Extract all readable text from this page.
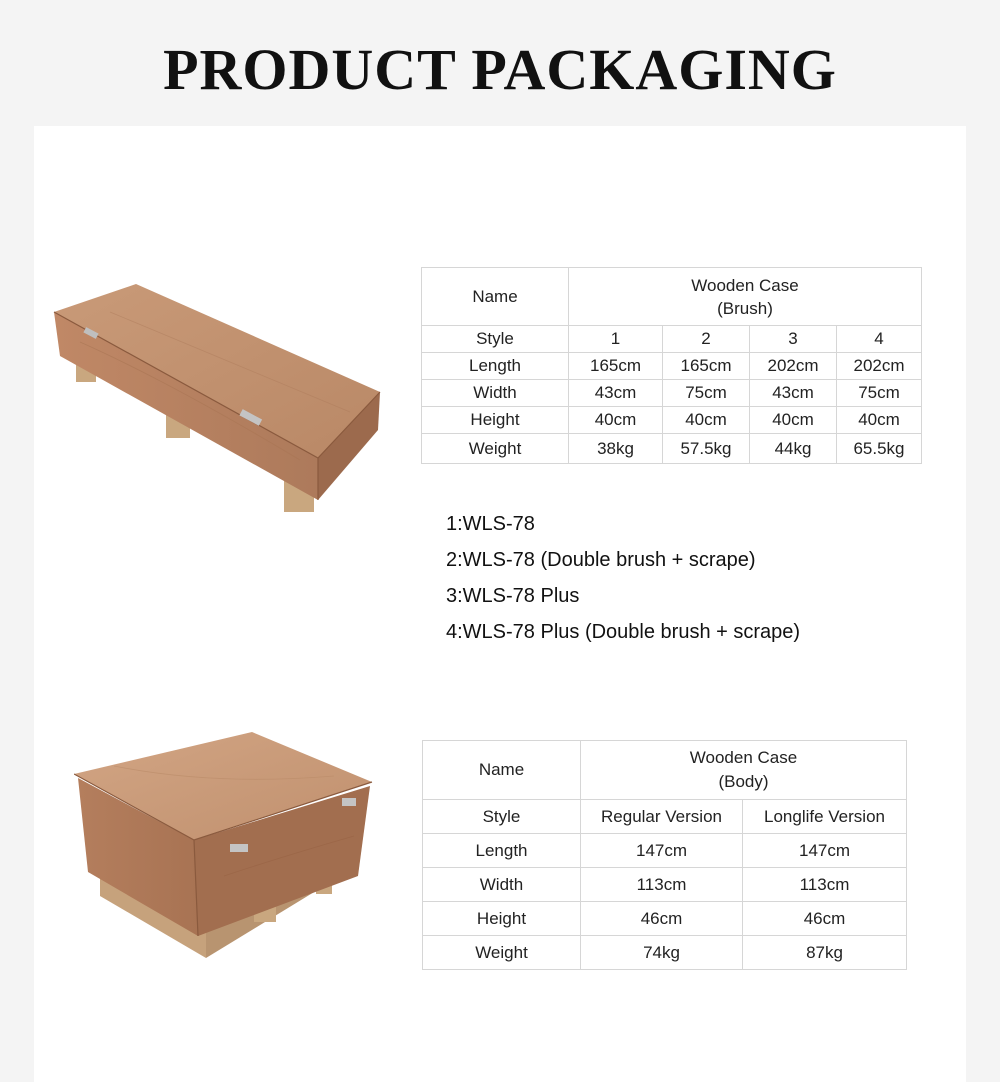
PRODUCT PACKAGING
Name	Wooden Case
(Brush)			

Style	1	2	3	4
Length	165cm	165cm	202cm	202cm
Width	43cm	75cm	43cm	75cm
Height	40cm	40cm	40cm	40cm
Weight	38kg	57.5kg	44kg	65.5kg
1:WLS-78
2:WLS-78 (Double brush + scrape)
3:WLS-78 Plus
4:WLS-78 Plus (Double brush + scrape)
Name	Wooden Case
(Body)	

Style	Regular Version	Longlife Version
Length	147cm	147cm
Width	113cm	113cm
Height	46cm	46cm
Weight	74kg	87kg
